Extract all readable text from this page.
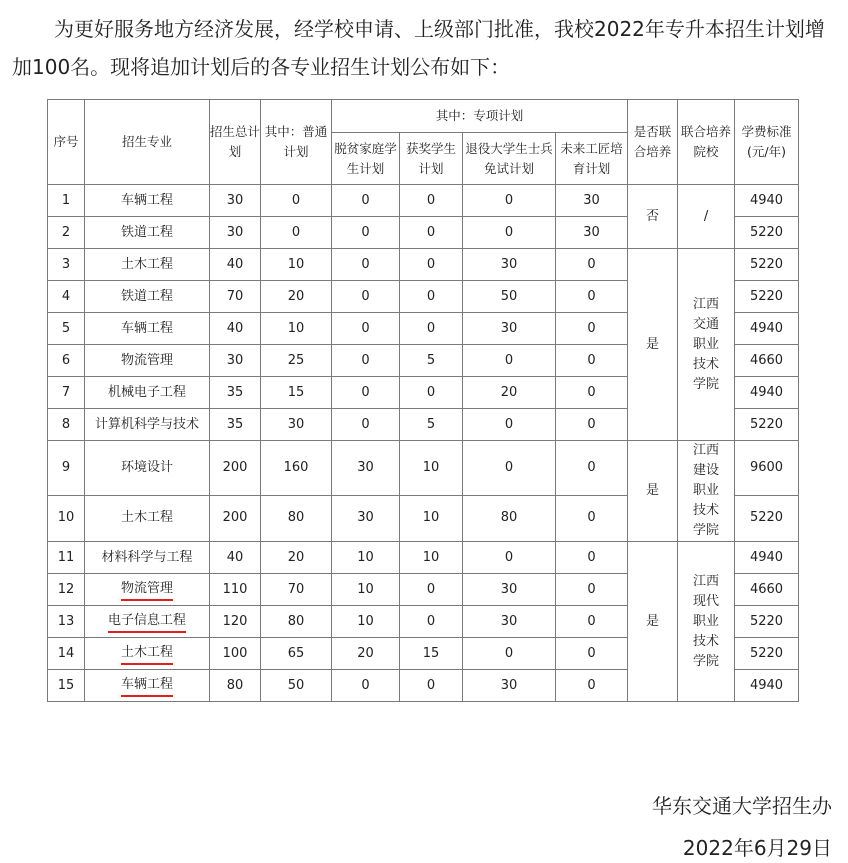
为更好服务地方经济发展，经学校申请、上级部门批准，我校2022年专升本招生计划增加100名。现将追加计划后的各专业招生计划公布如下：

序号	招生专业	招生总计划	其中：普通计划	其中：专项计划				是否联合培养	联合培养院校	学费标准(元/年)
				脱贫家庭学生计划	获奖学生计划	退役大学生士兵免试计划	未来工匠培育计划			
1	车辆工程	30	0	0	0	0	30	否	/	4940
2	铁道工程	30	0	0	0	0	30			5220
3	土木工程	40	10	0	0	30	0	是	江西交通职业技术学院	5220
4	铁道工程	70	20	0	0	50	0			5220
5	车辆工程	40	10	0	0	30	0			4940
6	物流管理	30	25	0	5	0	0			4660
7	机械电子工程	35	15	0	0	20	0			4940
8	计算机科学与技术	35	30	0	5	0	0			5220
9	环境设计	200	160	30	10	0	0	是	江西建设职业技术学院	9600
10	土木工程	200	80	30	10	80	0			5220
11	材料科学与工程	40	20	10	10	0	0	是	江西现代职业技术学院	4940
12	物流管理	110	70	10	0	30	0			4660
13	电子信息工程	120	80	10	0	30	0			5220
14	土木工程	100	65	20	15	0	0			5220
15	车辆工程	80	50	0	0	30	0			4940
华东交通大学招生办
2022年6月29日
